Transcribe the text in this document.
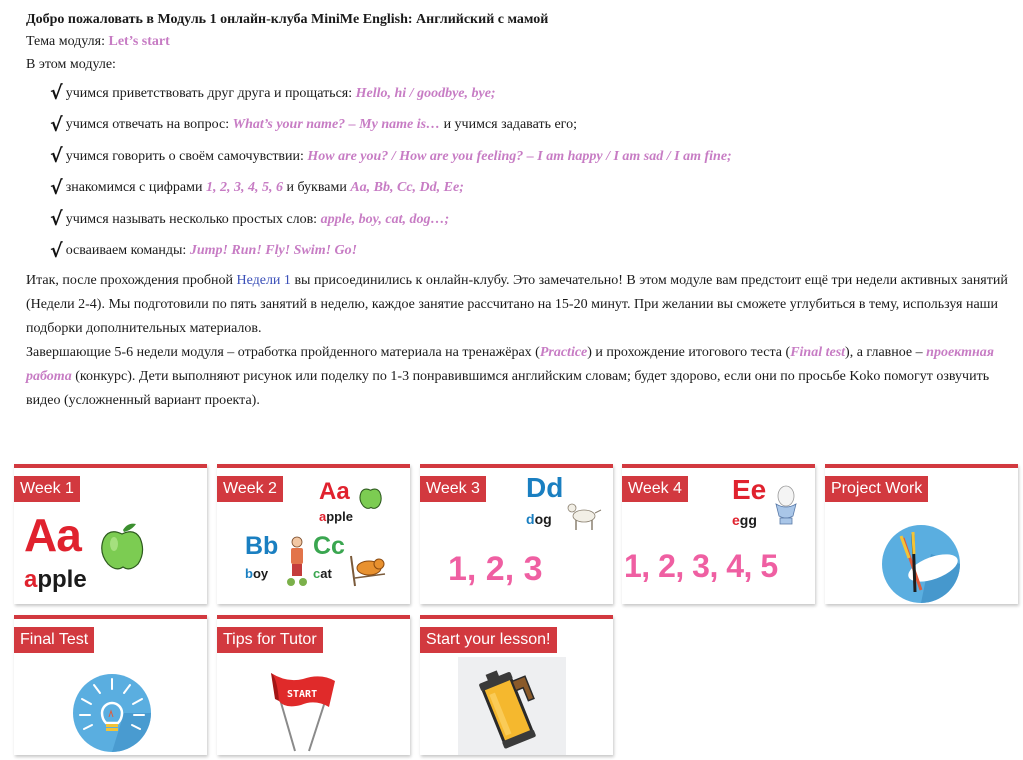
Добро пожаловать в Модуль 1 онлайн-клуба MiniMe English: Английский с мамой
Тема модуля: Let’s start
В этом модуле:
√ учимся приветствовать друг друга и прощаться:
Hello, hi / goodbye, bye;
√ учимся отвечать на вопрос:
What’s your name? – My name is… и учимся задавать его;
√ учимся говорить о своём самочувствии:
How are you? / How are you feeling? – I am happy / I am sad / I am fine;
√ знакомимся с цифрами
1, 2, 3, 4, 5, 6 и буквами Aa, Bb, Cc, Dd, Ee;
√ учимся называть несколько простых слов:
apple, boy, cat, dog…;
√ осваиваем команды:
Jump! Run! Fly! Swim! Go!
Итак, после прохождения пробной Недели 1 вы присоединились к онлайн-клубу. Это замечательно! В этом модуле вам предстоит ещё три недели активных занятий (Недели 2-4). Мы подготовили по пять занятий в неделю, каждое занятие рассчитано на 15-20 минут. При желании вы сможете углубиться в тему, используя наши подборки дополнительных материалов.
Завершающие 5-6 недели модуля – отработка пройденного материала на тренажёрах (Practice) и прохождение итогового теста (Final test), а главное – проектная работа (конкурс). Дети выполняют рисунок или поделку по 1-3 понравившимся английским словам; будет здорово, если они по просьбе Koko помогут озвучить видео (усложненный вариант проекта).
Week 1
Aa
apple
Week 2 Aa
apple
Bb
boy
Cc
cat
Week 3 Dd
dog
1, 2, 3
Week 4 Ee
egg
1, 2, 3, 4, 5
Project Work
Final Test	Tips for Tutor
START
Start your lesson!
